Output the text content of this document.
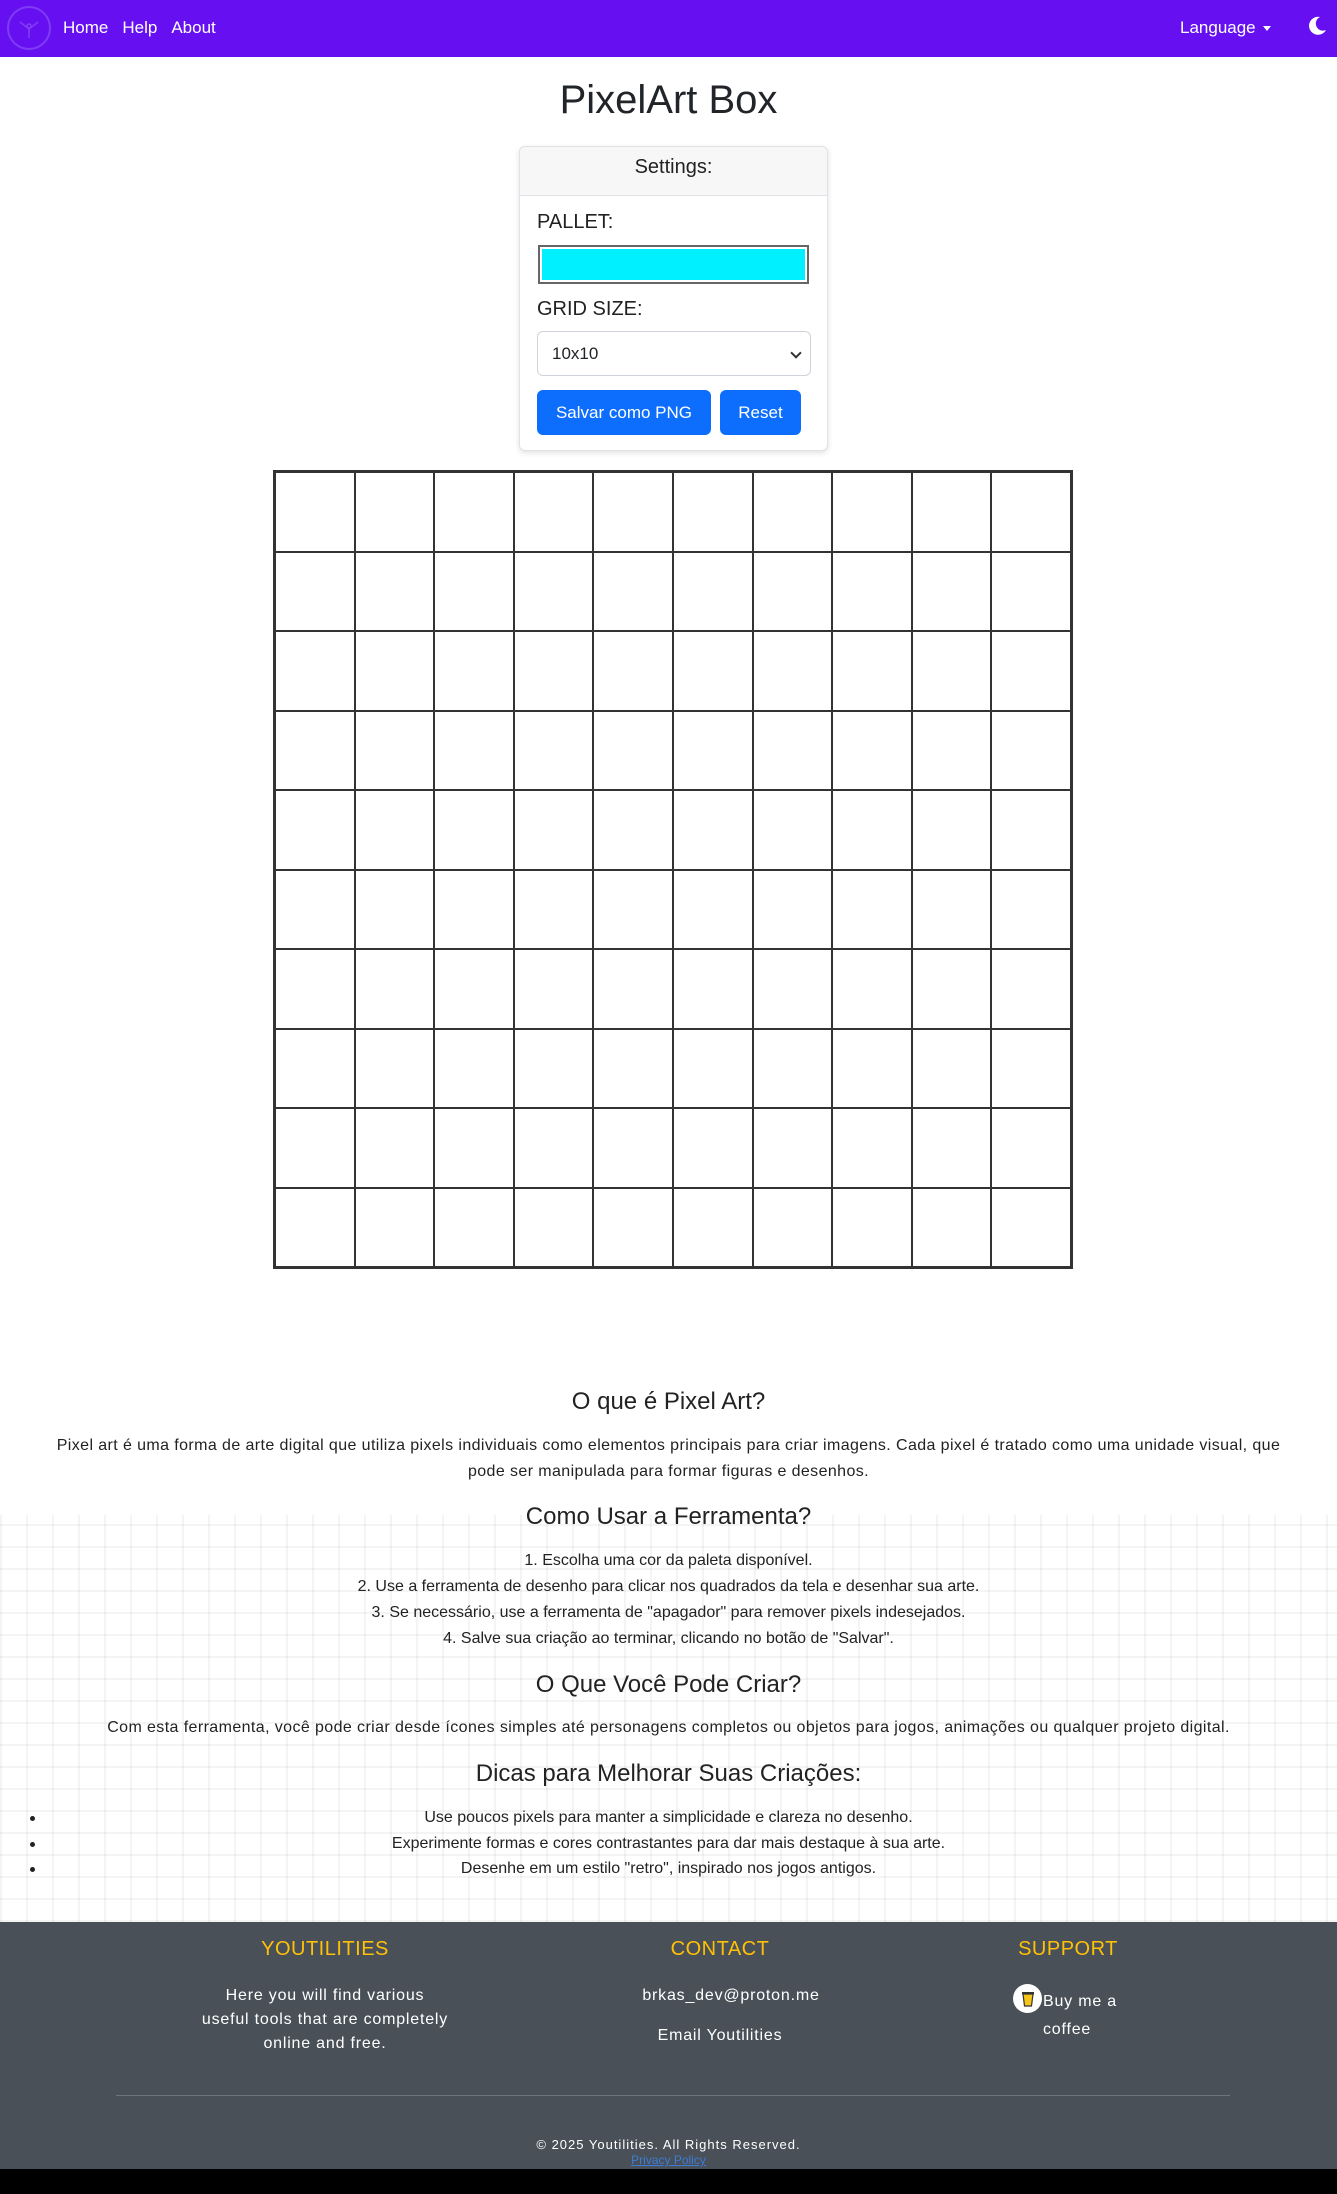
Home Help About	Language
PixelArt Box
Settings:
PALLET:
GRID SIZE:
10x10
Salvar como PNG	Reset
O que é Pixel Art?

Pixel art é uma forma de arte digital que utiliza pixels individuais como elementos principais para criar imagens. Cada pixel é tratado como uma unidade visual, que pode ser manipulada para formar figuras e desenhos.

Como Usar a Ferramenta?
1. Escolha uma cor da paleta disponível.
2. Use a ferramenta de desenho para clicar nos quadrados da tela e desenhar sua arte.
3. Se necessário, use a ferramenta de "apagador" para remover pixels indesejados.
4. Salve sua criação ao terminar, clicando no botão de "Salvar".
O Que Você Pode Criar?

Com esta ferramenta, você pode criar desde ícones simples até personagens completos ou objetos para jogos, animações ou qualquer projeto digital.

Dicas para Melhorar Suas Criações:
Use poucos pixels para manter a simplicidade e clareza no desenho.
Experimente formas e cores contrastantes para dar mais destaque à sua arte.
Desenhe em um estilo "retro", inspirado nos jogos antigos.
YOUTILITIES
Here you will find various useful tools that are completely online and free.
CONTACT
brkas_dev@proton.me
Email Youtilities
SUPPORT
Buy me a coffee
© 2025 Youtilities. All Rights Reserved.
Privacy Policy
